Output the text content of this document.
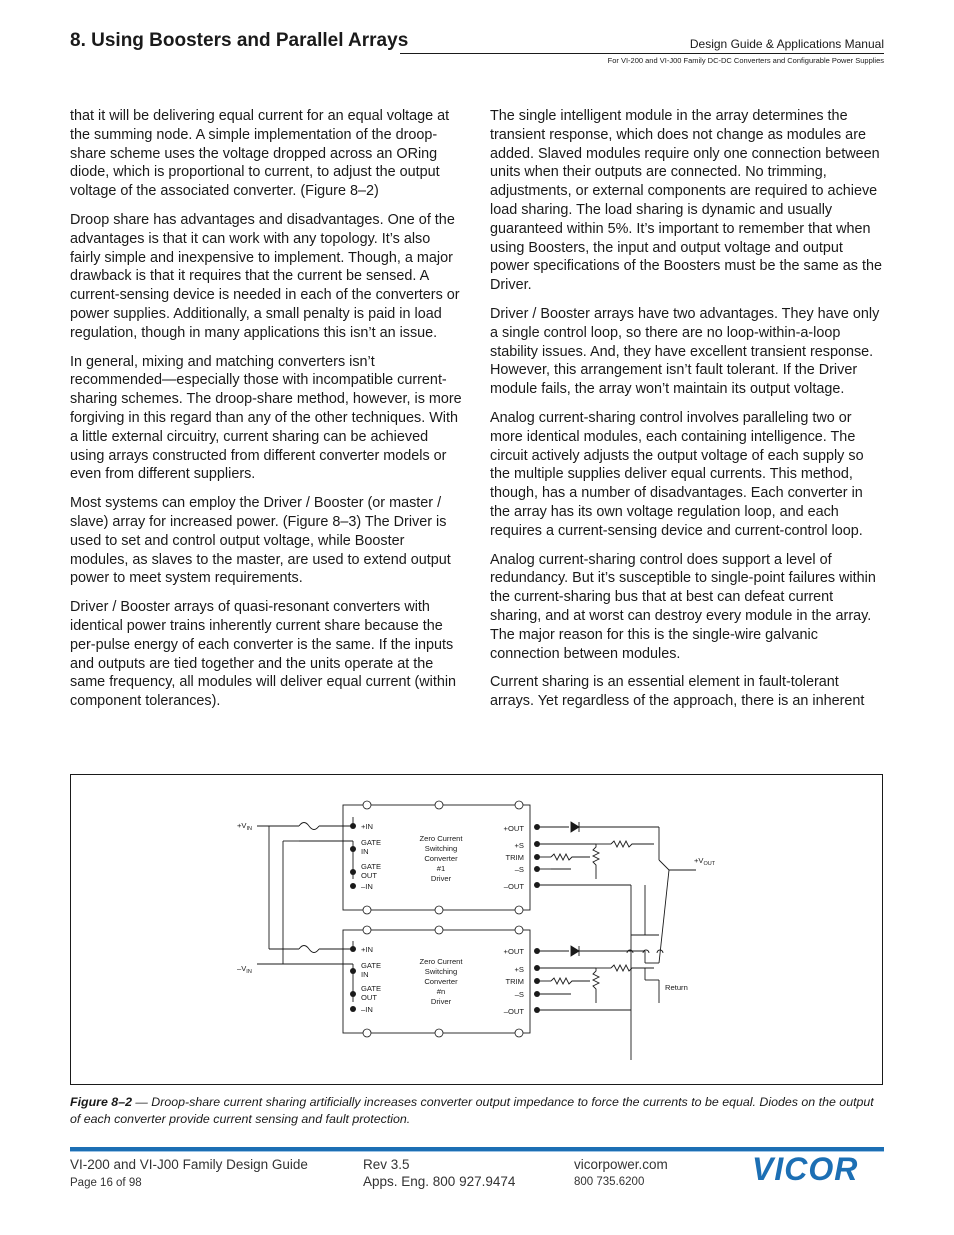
8. Using Boosters and Parallel Arrays	Design Guide & Applications Manual
For VI-200 and VI-J00 Family DC-DC Converters and Configurable Power Supplies

that it will be delivering equal current for an equal voltage at the summing node. A simple implementation of the droop-share scheme uses the voltage dropped across an ORing diode, which is proportional to current, to adjust the output voltage of the associated converter. (Figure 8–2)

Droop share has advantages and disadvantages. One of the advantages is that it can work with any topology. It’s also fairly simple and inexpensive to implement. Though, a major drawback is that it requires that the current be sensed. A current-sensing device is needed in each of the converters or power supplies. Additionally, a small penalty is paid in load regulation, though in many applications this isn’t an issue.

In general, mixing and matching converters isn’t recommended—especially those with incompatible current-sharing schemes. The droop-share method, however, is more forgiving in this regard than any of the other techniques. With a little external circuitry, current sharing can be achieved using arrays constructed from different converter models or even from different suppliers.

Most systems can employ the Driver / Booster (or master / slave) array for increased power. (Figure 8–3) The Driver is used to set and control output voltage, while Booster modules, as slaves to the master, are used to extend output power to meet system requirements.

Driver / Booster arrays of quasi-resonant converters with identical power trains inherently current share because the per-pulse energy of each converter is the same. If the inputs and outputs are tied together and the units operate at the same frequency, all modules will deliver equal current (within component tolerances).

The single intelligent module in the array determines the transient response, which does not change as modules are added. Slaved modules require only one connection between units when their outputs are connected. No trimming, adjustments, or external components are required to achieve load sharing. The load sharing is dynamic and usually guaranteed within 5%. It’s important to remember that when using Boosters, the input and output voltage and output power specifications of the Boosters must be the same as the Driver.

Driver / Booster arrays have two advantages. They have only a single control loop, so there are no loop-within-a-loop stability issues. And, they have excellent transient response. However, this arrangement isn’t fault tolerant. If the Driver module fails, the array won’t maintain its output voltage.

Analog current-sharing control involves paralleling two or more identical modules, each containing intelligence. The circuit actively adjusts the output voltage of each supply so the multiple supplies deliver equal currents. This method, though, has a number of disadvantages. Each converter in the array has its own voltage regulation loop, and each requires a current-sensing device and current-control loop.

Analog current-sharing control does support a level of redundancy. But it’s susceptible to single-point failures within the current-sharing bus that at best can defeat current sharing, and at worst can destroy every module in the array. The major reason for this is the single-wire galvanic connection between modules.

Current sharing is an essential element in fault-tolerant arrays. Yet regardless of the approach, there is an inherent

$+V_{IN}$
$-V_{IN}$
$+V_{OUT}$
Return
+IN
GATE
IN
GATE
OUT
–IN
Zero Current
Switching
Converter
#1
Driver
+OUT
+S
TRIM
–S
–OUT
+IN
GATE
IN
GATE
OUT
–IN
Zero Current
Switching
Converter
#n
Driver
+OUT
+S
TRIM
–S
–OUT
Figure 8–2 — Droop-share current sharing artificially increases converter output impedance to force the currents to be equal. Diodes on the output of each converter provide current sensing and fault protection.
VI-200 and VI-J00 Family Design Guide
Page 16 of 98
Rev 3.5
Apps. Eng. 800 927.9474
vicorpower.com
800 735.6200	VICOR
